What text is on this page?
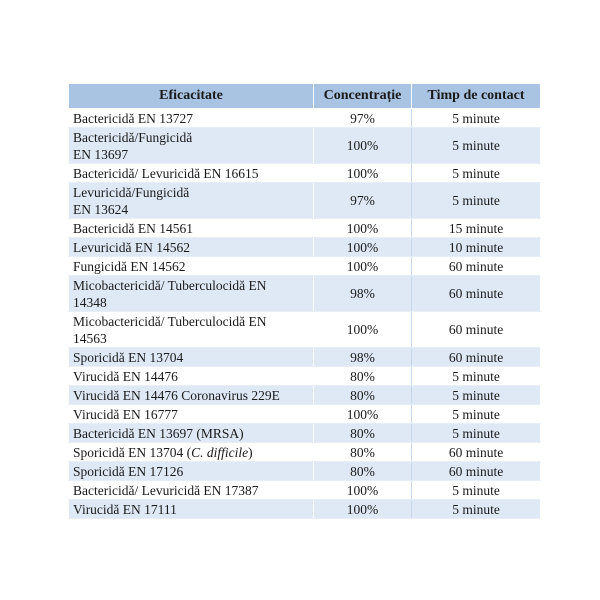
Eficacitate	Concentrație	Timp de contact
Bactericidă EN 13727	97%	5 minute
Bactericidă/Fungicidă
EN 13697	100%	5 minute
Bactericidă/ Levuricidă EN 16615	100%	5 minute
Levuricidă/Fungicidă
EN 13624	97%	5 minute
Bactericidă EN 14561	100%	15 minute
Levuricidă EN 14562	100%	10 minute
Fungicidă EN 14562	100%	60 minute
Micobactericidă/ Tuberculocidă EN
14348	98%	60 minute
Micobactericidă/ Tuberculocidă EN
14563	100%	60 minute
Sporicidă EN 13704	98%	60 minute
Virucidă EN 14476	80%	5 minute
Virucidă EN 14476 Coronavirus 229E	80%	5 minute
Virucidă EN 16777	100%	5 minute
Bactericidă EN 13697 (MRSA)	80%	5 minute
Sporicidă EN 13704 (C. difficile)	80%	60 minute
Sporicidă EN 17126	80%	60 minute
Bactericidă/ Levuricidă EN 17387	100%	5 minute
Virucidă EN 17111	100%	5 minute
